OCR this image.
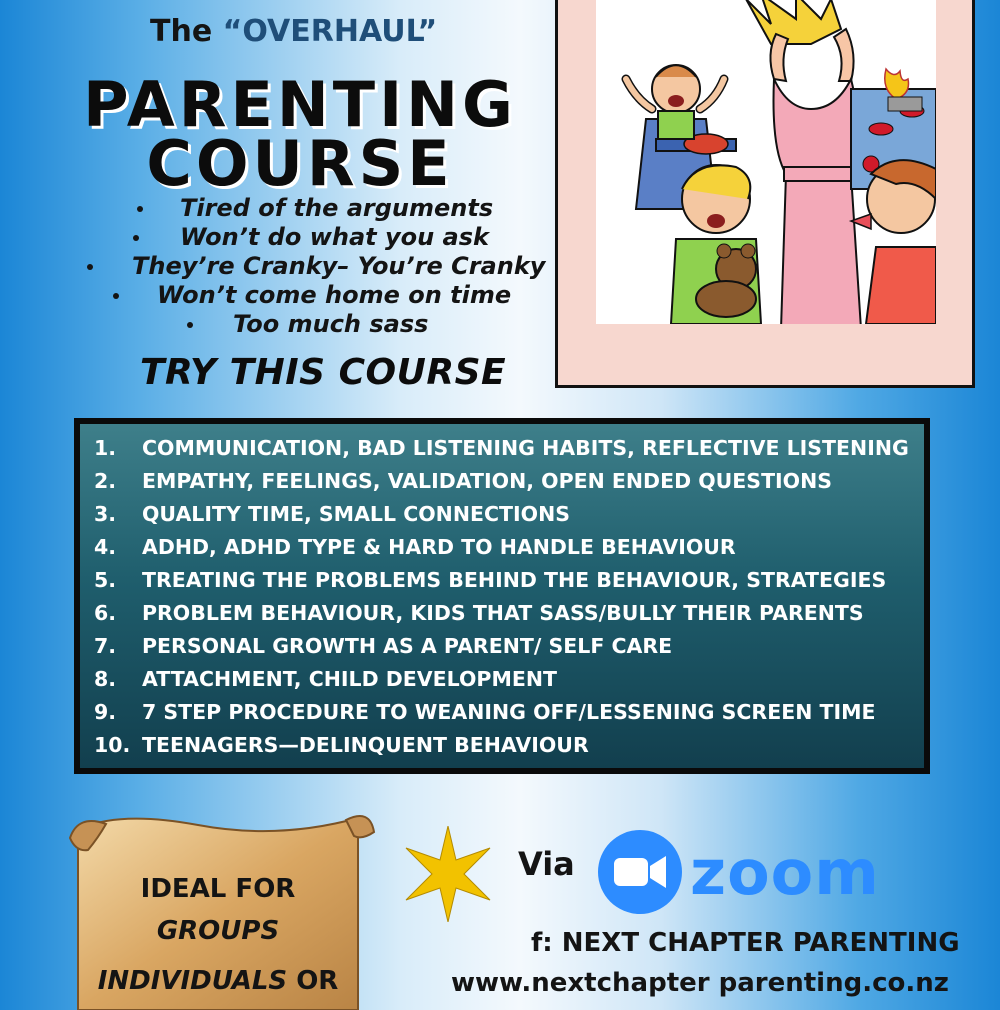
The “OVERHAUL”
PARENTING
COURSE
Tired of the arguments
Won’t do what you ask
They’re Cranky– You’re Cranky
Won’t come home on time
Too much sass
TRY THIS COURSE
1. COMMUNICATION, BAD LISTENING HABITS, REFLECTIVE LISTENING
2. EMPATHY, FEELINGS, VALIDATION, OPEN ENDED QUESTIONS
3. QUALITY TIME, SMALL CONNECTIONS
4. ADHD, ADHD TYPE & HARD TO HANDLE BEHAVIOUR
5. TREATING THE PROBLEMS BEHIND THE BEHAVIOUR, STRATEGIES
6. PROBLEM BEHAVIOUR, KIDS THAT SASS/BULLY THEIR PARENTS
7. PERSONAL GROWTH AS A PARENT/ SELF CARE
8. ATTACHMENT, CHILD DEVELOPMENT
9. 7 STEP PROCEDURE TO WEANING OFF/LESSENING SCREEN TIME
10. TEENAGERS—DELINQUENT BEHAVIOUR
IDEAL FOR
GROUPS
INDIVIDUALS OR
Via zoom
f: NEXT CHAPTER PARENTING
www.nextchapter parenting.co.nz
